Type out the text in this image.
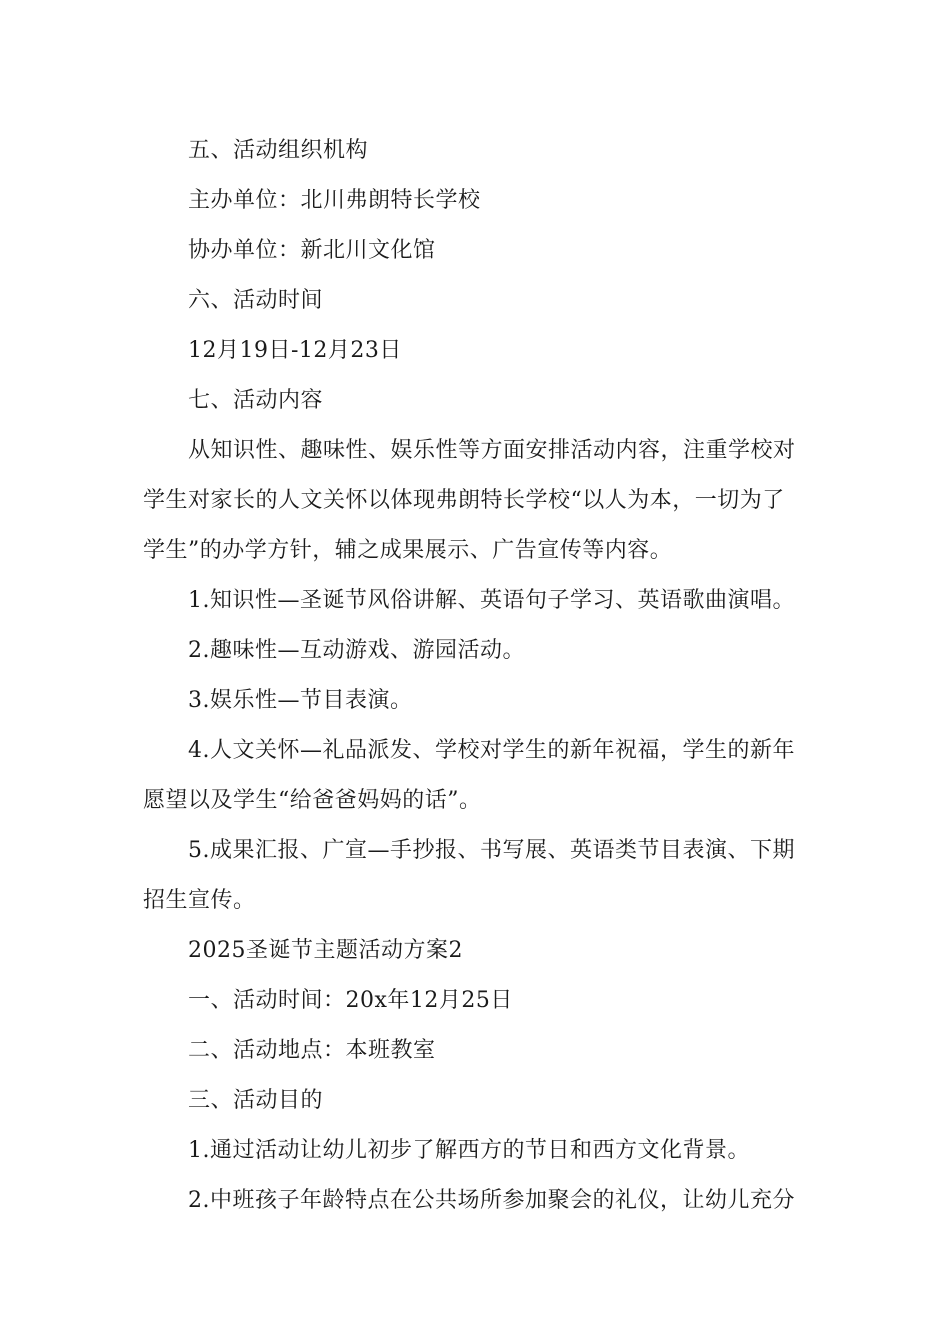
五、活动组织机构

主办单位：北川弗朗特长学校

协办单位：新北川文化馆

六、活动时间

12月19日-12月23日

七、活动内容

从知识性、趣味性、娱乐性等方面安排活动内容，注重学校对学生对家长的人文关怀以体现弗朗特长学校“以人为本，一切为了学生”的办学方针，辅之成果展示、广告宣传等内容。

1.知识性—圣诞节风俗讲解、英语句子学习、英语歌曲演唱。

2.趣味性—互动游戏、游园活动。

3.娱乐性—节目表演。

4.人文关怀—礼品派发、学校对学生的新年祝福，学生的新年愿望以及学生“给爸爸妈妈的话”。

5.成果汇报、广宣—手抄报、书写展、英语类节目表演、下期招生宣传。

2025圣诞节主题活动方案2

一、活动时间：20x年12月25日

二、活动地点：本班教室

三、活动目的

1.通过活动让幼儿初步了解西方的节日和西方文化背景。

2.中班孩子年龄特点在公共场所参加聚会的礼仪，让幼儿充分
